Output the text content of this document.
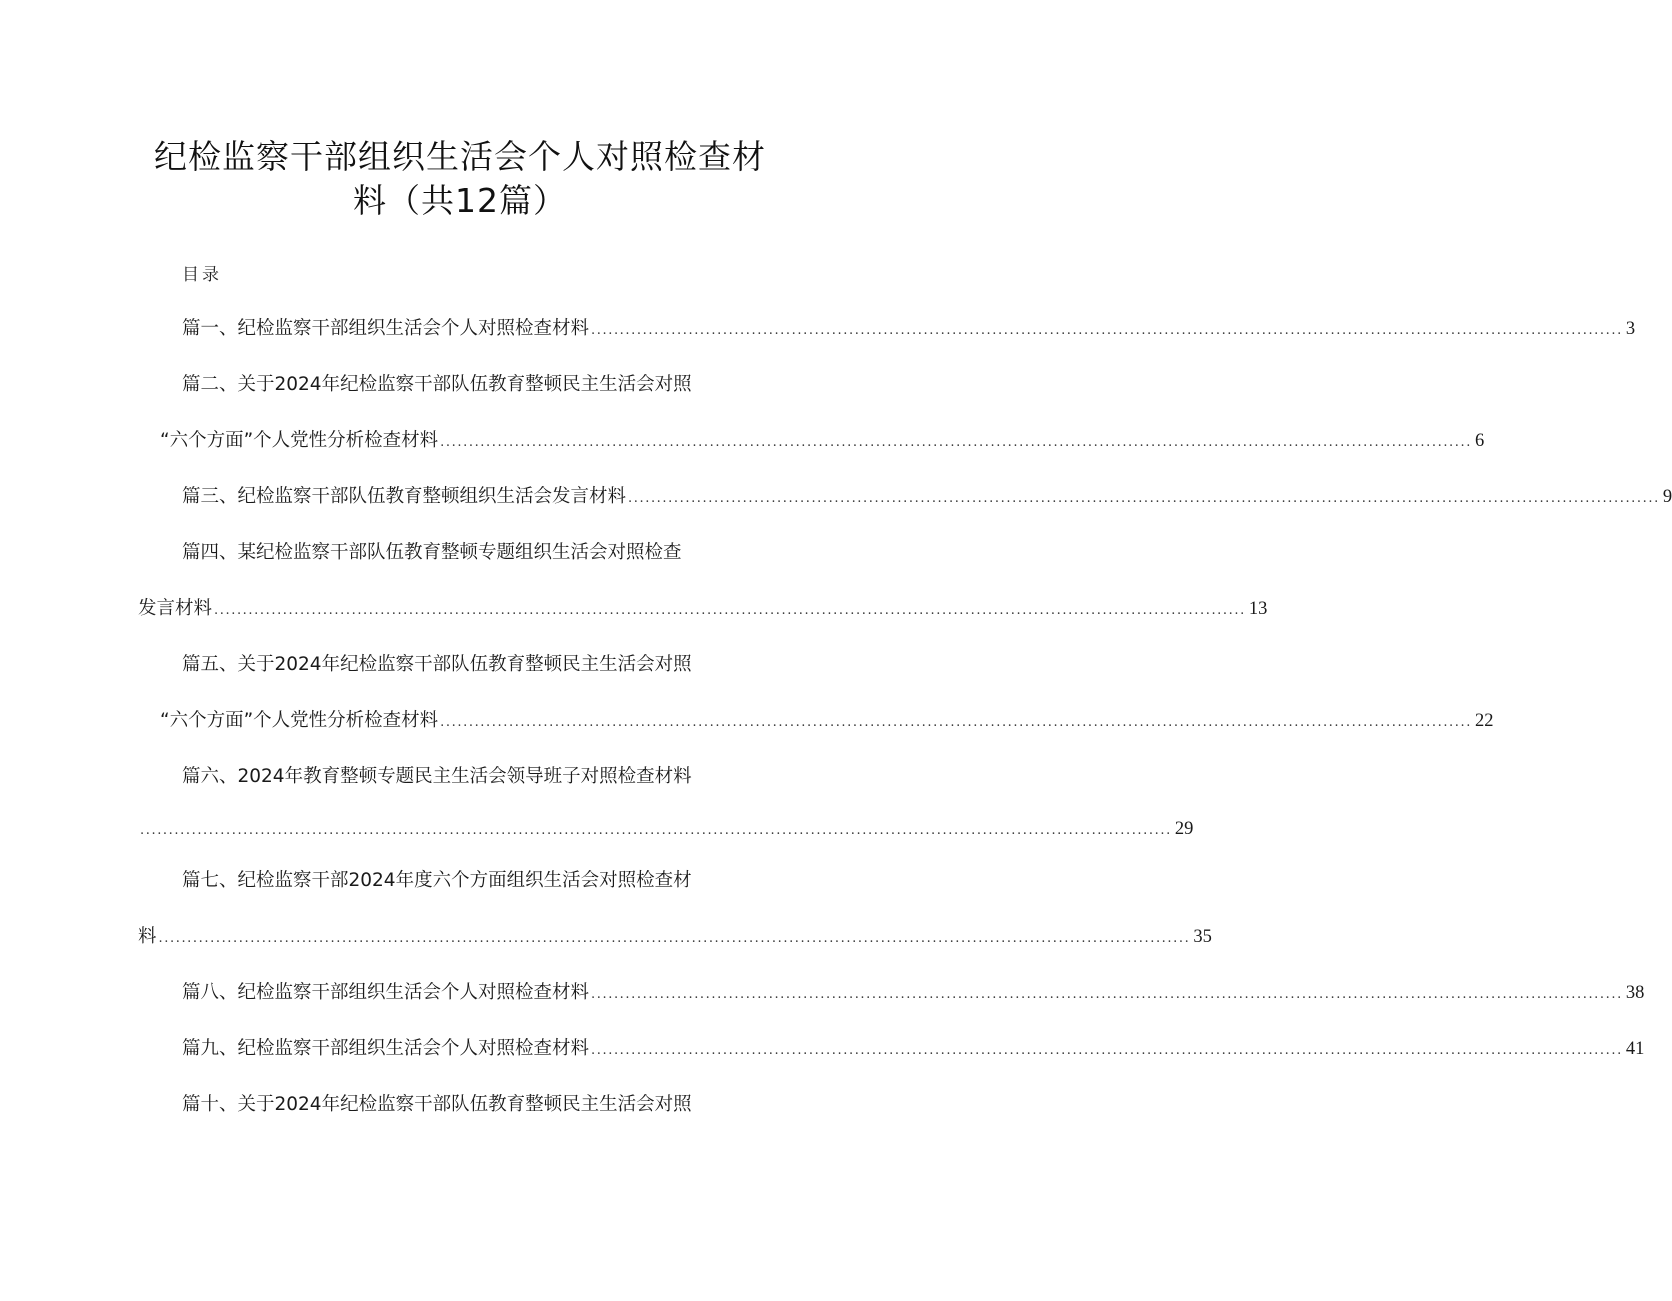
纪检监察干部组织生活会个人对照检查材
料（共12篇）
目录
篇一、纪检监察干部组织生活会个人对照检查材料 .................................................................................................................................................................................... 3
篇二、关于2024年纪检监察干部队伍教育整顿民主生活会对照
“六个方面”个人党性分析检查材料 .................................................................................................................................................................................... 6
篇三、纪检监察干部队伍教育整顿组织生活会发言材料 .................................................................................................................................................................................... 9
篇四、某纪检监察干部队伍教育整顿专题组织生活会对照检查
发言材料 .................................................................................................................................................................................... 13
篇五、关于2024年纪检监察干部队伍教育整顿民主生活会对照
“六个方面”个人党性分析检查材料 .................................................................................................................................................................................... 22
篇六、2024年教育整顿专题民主生活会领导班子对照检查材料
.................................................................................................................................................................................... 29
篇七、纪检监察干部2024年度六个方面组织生活会对照检查材
料 .................................................................................................................................................................................... 35
篇八、纪检监察干部组织生活会个人对照检查材料 .................................................................................................................................................................................... 38
篇九、纪检监察干部组织生活会个人对照检查材料 .................................................................................................................................................................................... 41
篇十、关于2024年纪检监察干部队伍教育整顿民主生活会对照
